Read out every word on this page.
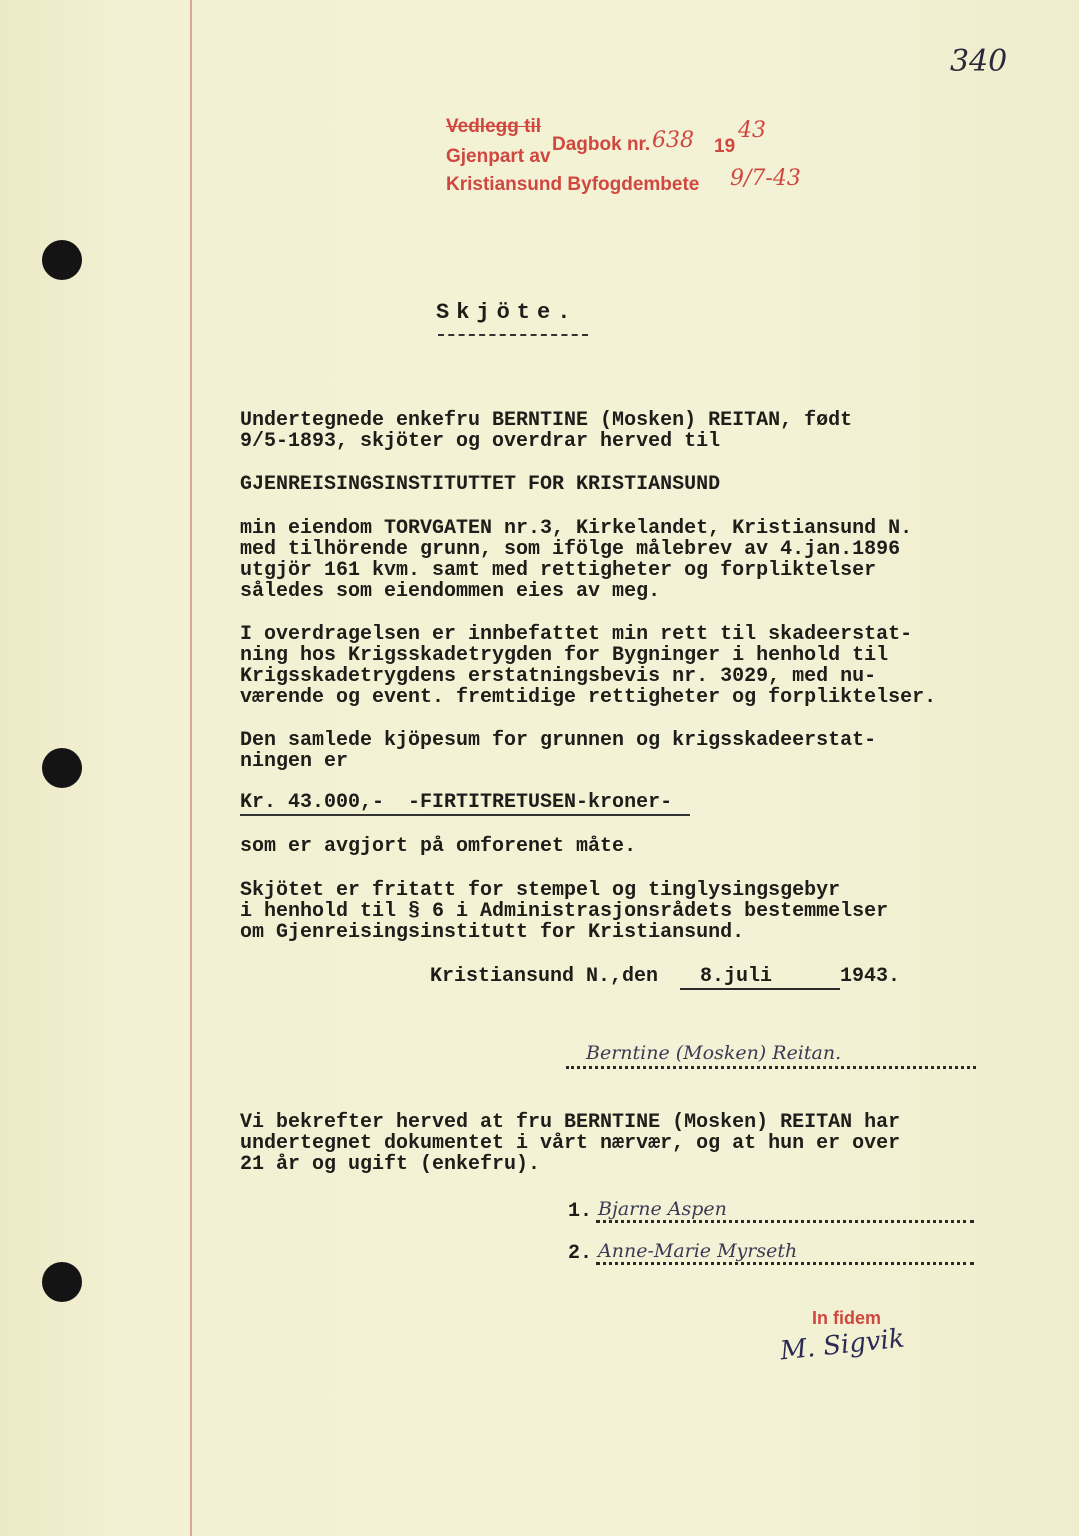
340
Vedlegg til
Dagbok nr. 638 19
43
Gjenpart av
Kristiansund Byfogdembete 9/7-43
Skjöte.
Undertegnede enkefru BERNTINE (Mosken) REITAN, født
9/5-1893, skjöter og overdrar herved til
GJENREISINGSINSTITUTTET FOR KRISTIANSUND
min eiendom TORVGATEN nr.3, Kirkelandet, Kristiansund N.
med tilhörende grunn, som ifölge målebrev av 4.jan.1896
utgjör 161 kvm. samt med rettigheter og forpliktelser
således som eiendommen eies av meg.
I overdragelsen er innbefattet min rett til skadeerstat-
ning hos Krigsskadetrygden for Bygninger i henhold til
Krigsskadetrygdens erstatningsbevis nr. 3029, med nu-
værende og event. fremtidige rettigheter og forpliktelser.
Den samlede kjöpesum for grunnen og krigsskadeerstat-
ningen er
Kr. 43.000,-  -FIRTITRETUSEN-kroner-
som er avgjort på omforenet måte.
Skjötet er fritatt for stempel og tinglysingsgebyr
i henhold til § 6 i Administrasjonsrådets bestemmelser
om Gjenreisingsinstitutt for Kristiansund.
Kristiansund N.,den 8.juli	1943.
Berntine (Mosken) Reitan.
Vi bekrefter herved at fru BERNTINE (Mosken) REITAN har
undertegnet dokumentet i vårt nærvær, og at hun er over
21 år og ugift (enkefru).
1. Bjarne Aspen
2. Anne-Marie Myrseth
In fidem
M. Sigvik
